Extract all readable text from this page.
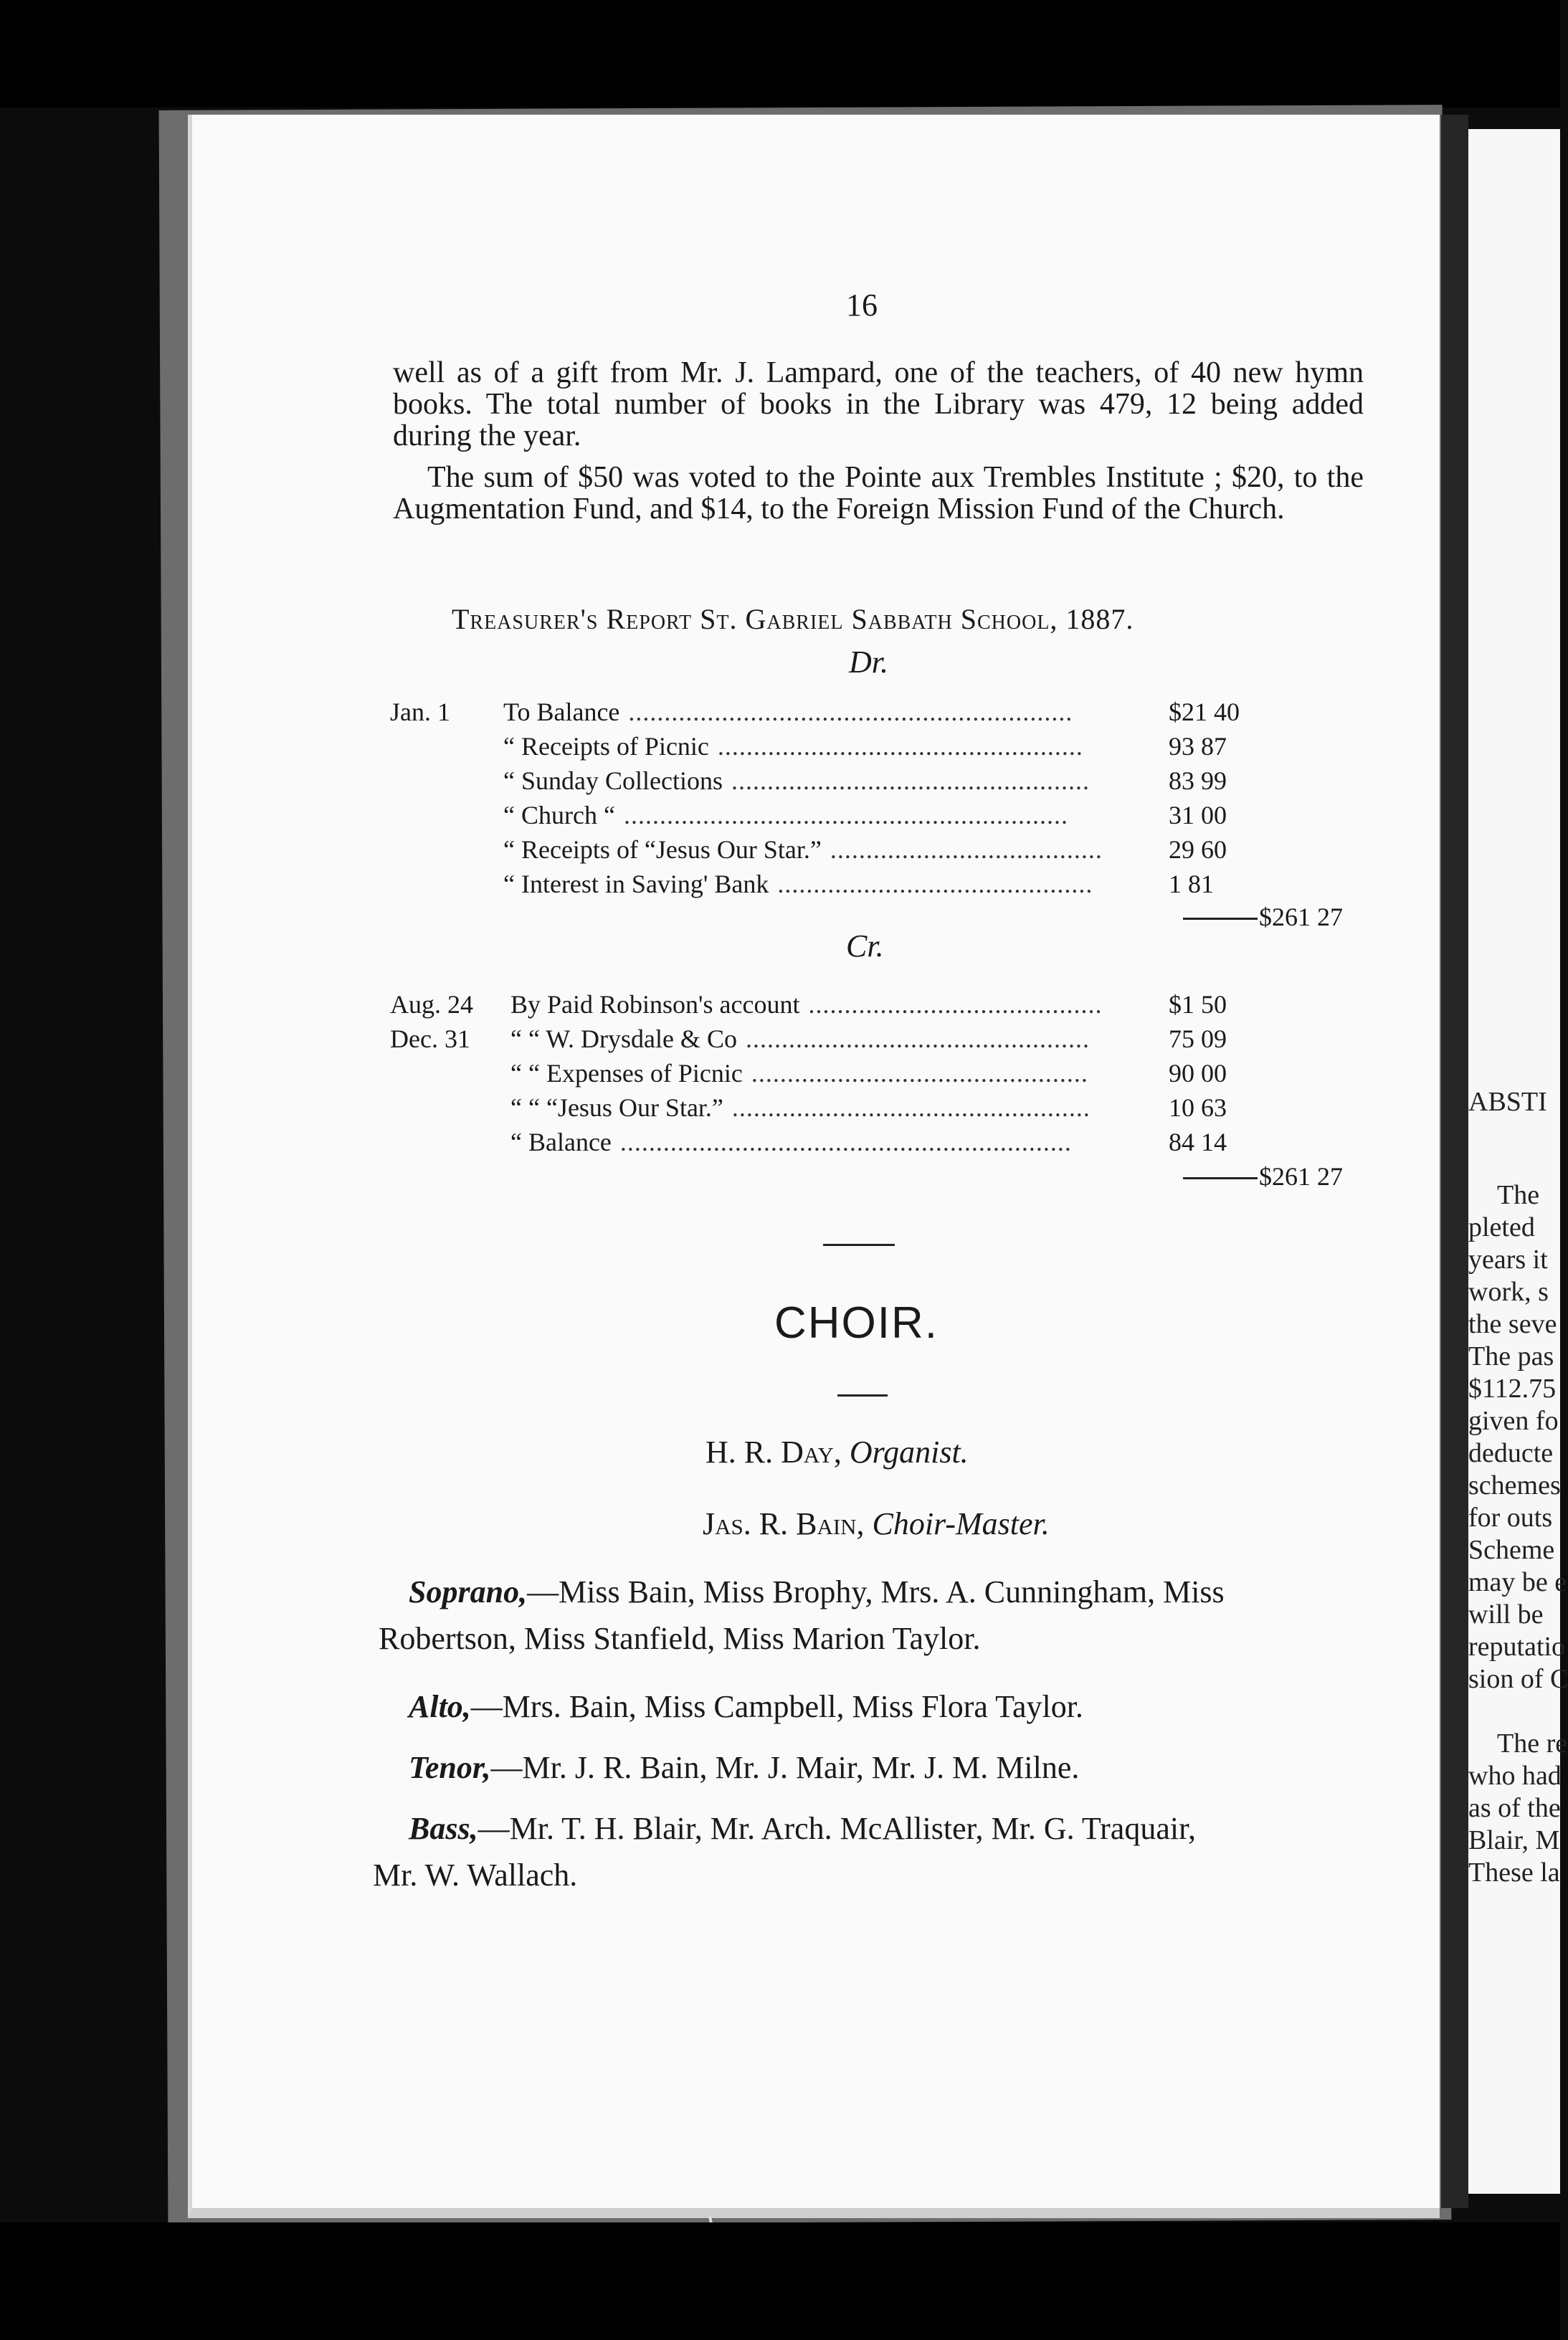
ABSTI
The
pleted
years it
work, s
the seve
The pas
$112.75
given fo
deducte
schemes
for outs
Scheme
may be e
will be
reputatio
sion of C
The re
who had
as of the
Blair, M
These la
16

well as of a gift from Mr. J. Lampard, one of the teachers, of 40 new hymn books. The total number of books in the Library was 479, 12 being added during the year.

The sum of $50 was voted to the Pointe aux Trembles Institute ; $20, to the Augmentation Fund, and $14, to the Foreign Mission Fund of the Church.

Treasurer's Report St. Gabriel Sabbath School, 1887.
Dr.
Jan. 1 To Balance	$21 40
..............................................................
“ Receipts of Picnic	93 87
...................................................
“ Sunday Collections	83 99
..................................................
“ Church “	31 00
..............................................................
“ Receipts of “Jesus Our Star.”	29 60
......................................
“ Interest in Saving' Bank	1 81
............................................
$261 27
Cr.
Aug. 24 By Paid Robinson's account	$1 50
.........................................
Dec. 31 “ “ W. Drysdale & Co	75 09
................................................
“ “ Expenses of Picnic	90 00
...............................................
“ “ “Jesus Our Star.”	10 63
..................................................
“ Balance	84 14
...............................................................
$261 27
CHOIR.
H. R. Day, Organist.
Jas. R. Bain, Choir-Master.
Soprano,—Miss Bain, Miss Brophy, Mrs. A. Cunningham, Miss
Robertson, Miss Stanfield, Miss Marion Taylor.
Alto,—Mrs. Bain, Miss Campbell, Miss Flora Taylor.
Tenor,—Mr. J. R. Bain, Mr. J. Mair, Mr. J. M. Milne.
Bass,—Mr. T. H. Blair, Mr. Arch. McAllister, Mr. G. Traquair,
Mr. W. Wallach.
